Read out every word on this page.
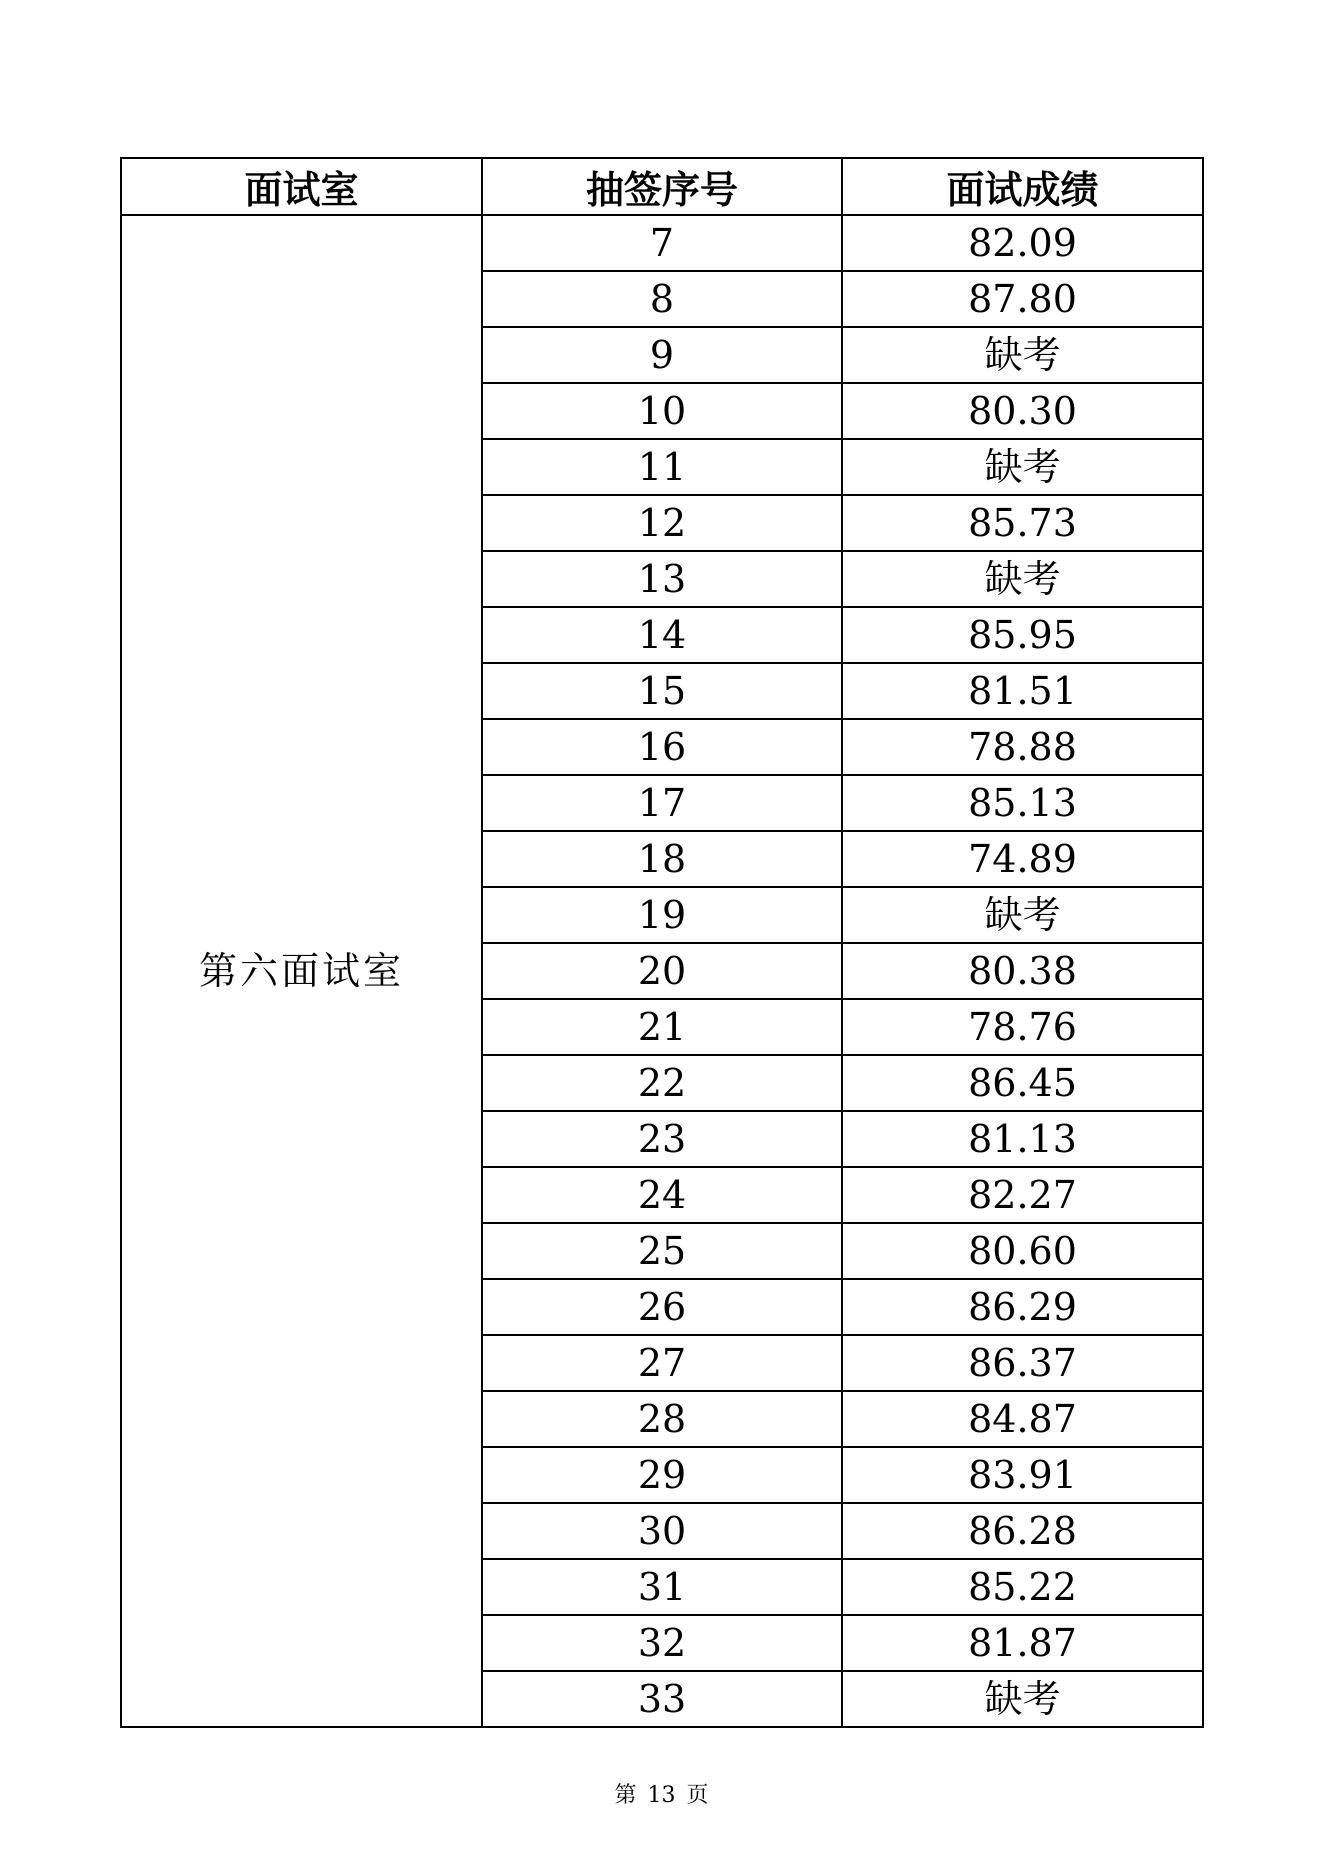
面试室	抽签序号	面试成绩
第六面试室	7	82.09
	8	87.80
	9	缺考
	10	80.30
	11	缺考
	12	85.73
	13	缺考
	14	85.95
	15	81.51
	16	78.88
	17	85.13
	18	74.89
	19	缺考
	20	80.38
	21	78.76
	22	86.45
	23	81.13
	24	82.27
	25	80.60
	26	86.29
	27	86.37
	28	84.87
	29	83.91
	30	86.28
	31	85.22
	32	81.87
	33	缺考
第 13 页
